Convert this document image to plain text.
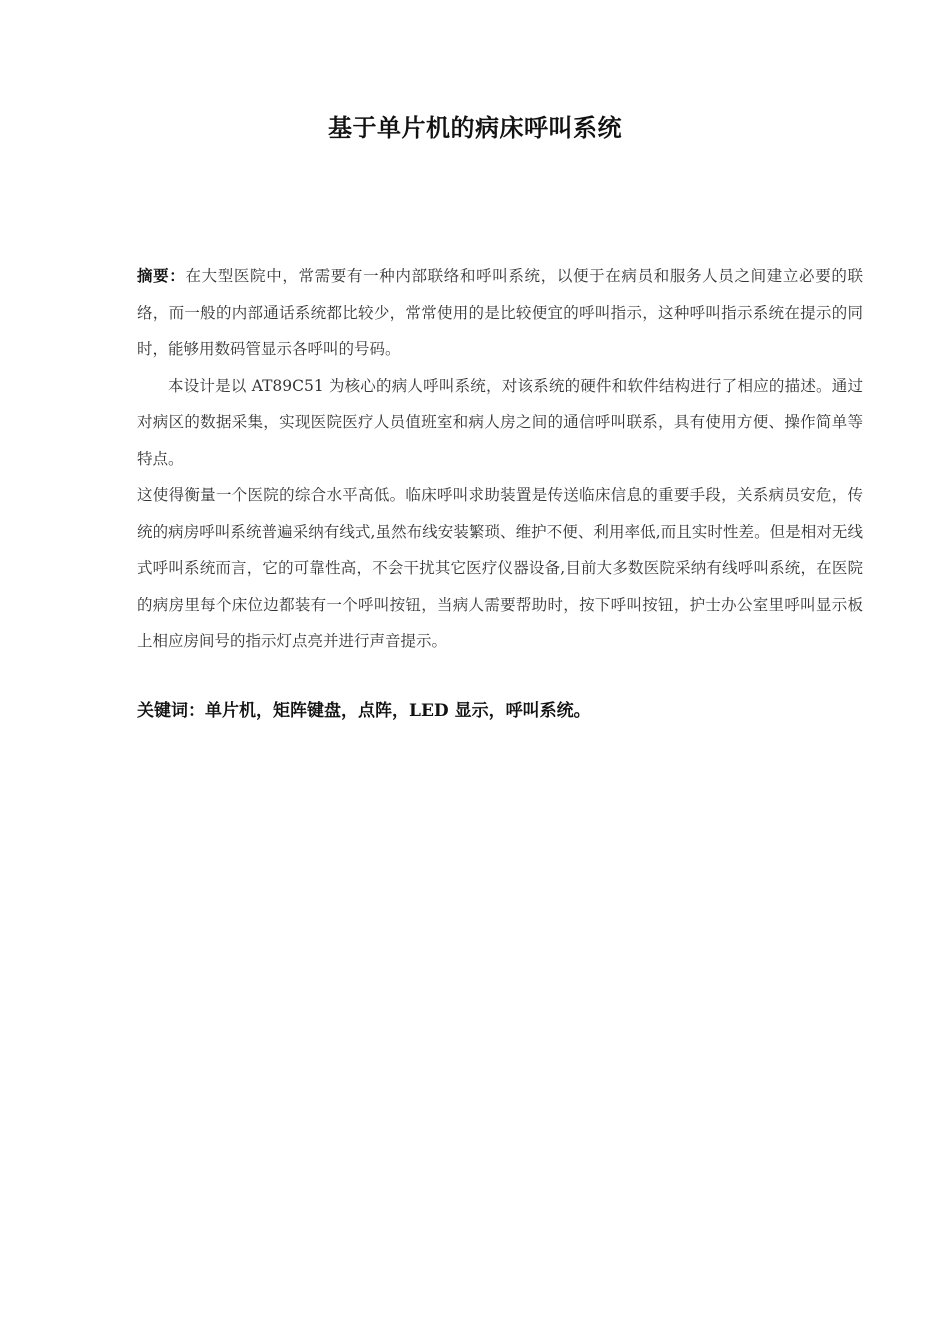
基于单片机的病床呼叫系统

摘要：在大型医院中，常需要有一种内部联络和呼叫系统，以便于在病员和服务人员之间建立必要的联络，而一般的内部通话系统都比较少，常常使用的是比较便宜的呼叫指示，这种呼叫指示系统在提示的同时，能够用数码管显示各呼叫的号码。

本设计是以 AT89C51 为核心的病人呼叫系统，对该系统的硬件和软件结构进行了相应的描述。通过对病区的数据采集，实现医院医疗人员值班室和病人房之间的通信呼叫联系，具有使用方便、操作简单等特点。

这使得衡量一个医院的综合水平高低。临床呼叫求助装置是传送临床信息的重要手段，关系病员安危，传统的病房呼叫系统普遍采纳有线式,虽然布线安装繁琐、维护不便、利用率低,而且实时性差。但是相对无线式呼叫系统而言，它的可靠性高，不会干扰其它医疗仪器设备,目前大多数医院采纳有线呼叫系统，在医院的病房里每个床位边都装有一个呼叫按钮，当病人需要帮助时，按下呼叫按钮，护士办公室里呼叫显示板上相应房间号的指示灯点亮并进行声音提示。

关键词：单片机，矩阵键盘，点阵，LED 显示，呼叫系统。
